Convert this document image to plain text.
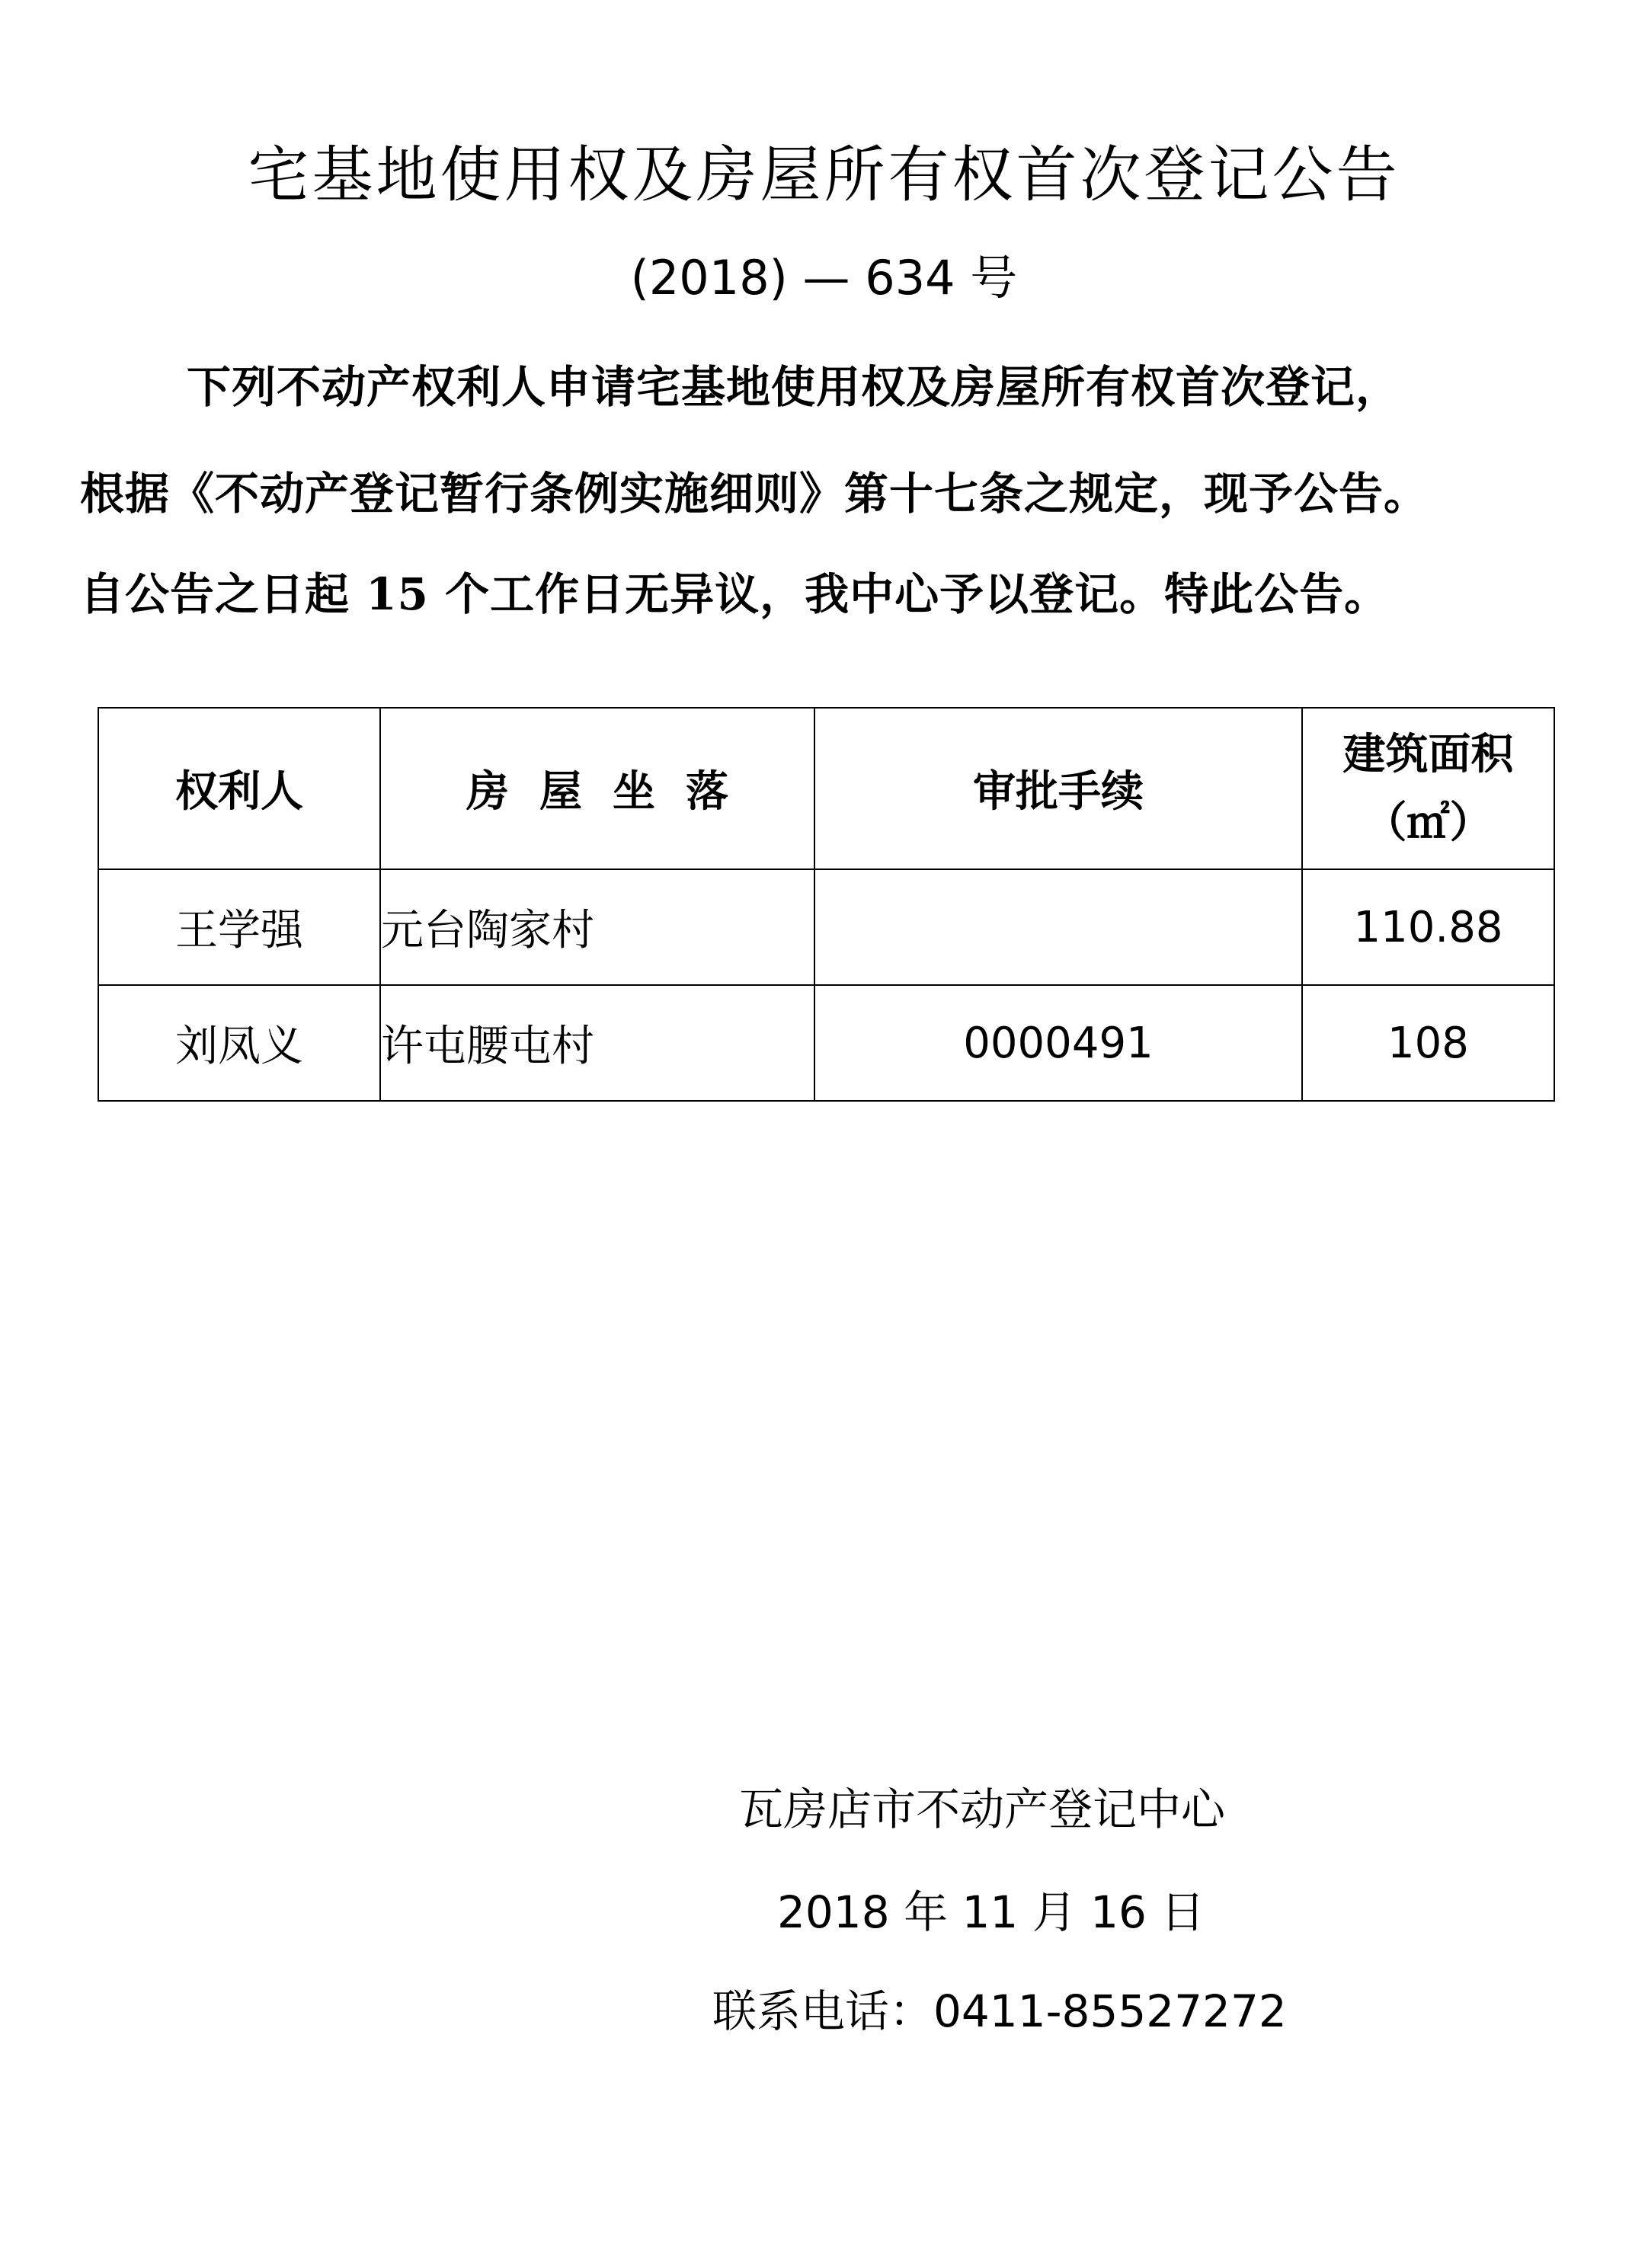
宅基地使用权及房屋所有权首次登记公告
(2018) — 634 号
下列不动产权利人申请宅基地使用权及房屋所有权首次登记，
根据《不动产登记暂行条例实施细则》第十七条之规定，现予公告。
自公告之日起 15 个工作日无异议，我中心予以登记。特此公告。
权利人	房屋坐落	审批手续	建筑面积
（㎡）

王学强	元台陶家村		110.88
刘凤义	许屯腰屯村	0000491	108
瓦房店市不动产登记中心
2018 年 11 月 16 日
联系电话：0411-85527272
